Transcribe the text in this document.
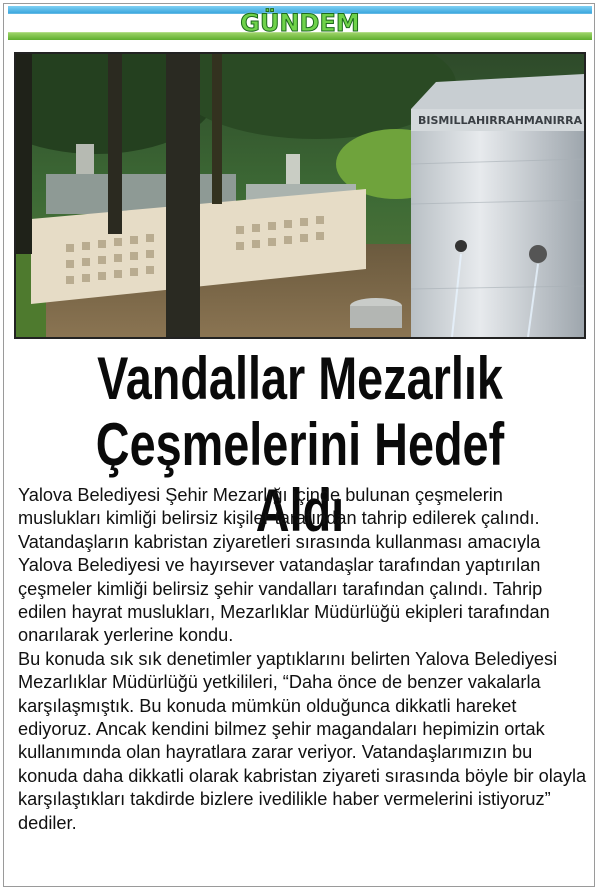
GÜNDEM
BISMILLAHIRRAHMANIRRA
Vandallar Mezarlık
Çeşmelerini Hedef Aldı

Yalova Belediyesi Şehir Mezarlığı içinde bulunan çeşmelerin muslukları kimliği belirsiz kişiler tarafından tahrip edilerek çalındı.

Vatandaşların kabristan ziyaretleri sırasında kullanması amacıyla Yalova Belediyesi ve hayırsever vatandaşlar tarafından yaptırılan çeşmeler kimliği belirsiz şehir vandalları tarafından çalındı. Tahrip edilen hayrat muslukları, Mezarlıklar Müdürlüğü ekipleri tarafından onarılarak yerlerine kondu.

Bu konuda sık sık denetimler yaptıklarını belirten Yalova Belediyesi Mezarlıklar Müdürlüğü yetkilileri, “Daha önce de benzer vakalarla karşılaşmıştık. Bu konuda mümkün olduğunca dikkatli hareket ediyoruz. Ancak kendini bilmez şehir magandaları hepimizin ortak kullanımında olan hayratlara zarar veriyor. Vatandaşlarımızın bu konuda daha dikkatli olarak kabristan ziyareti sırasında böyle bir olayla karşılaştıkları takdirde bizlere ivedilikle haber vermelerini istiyoruz” dediler.
